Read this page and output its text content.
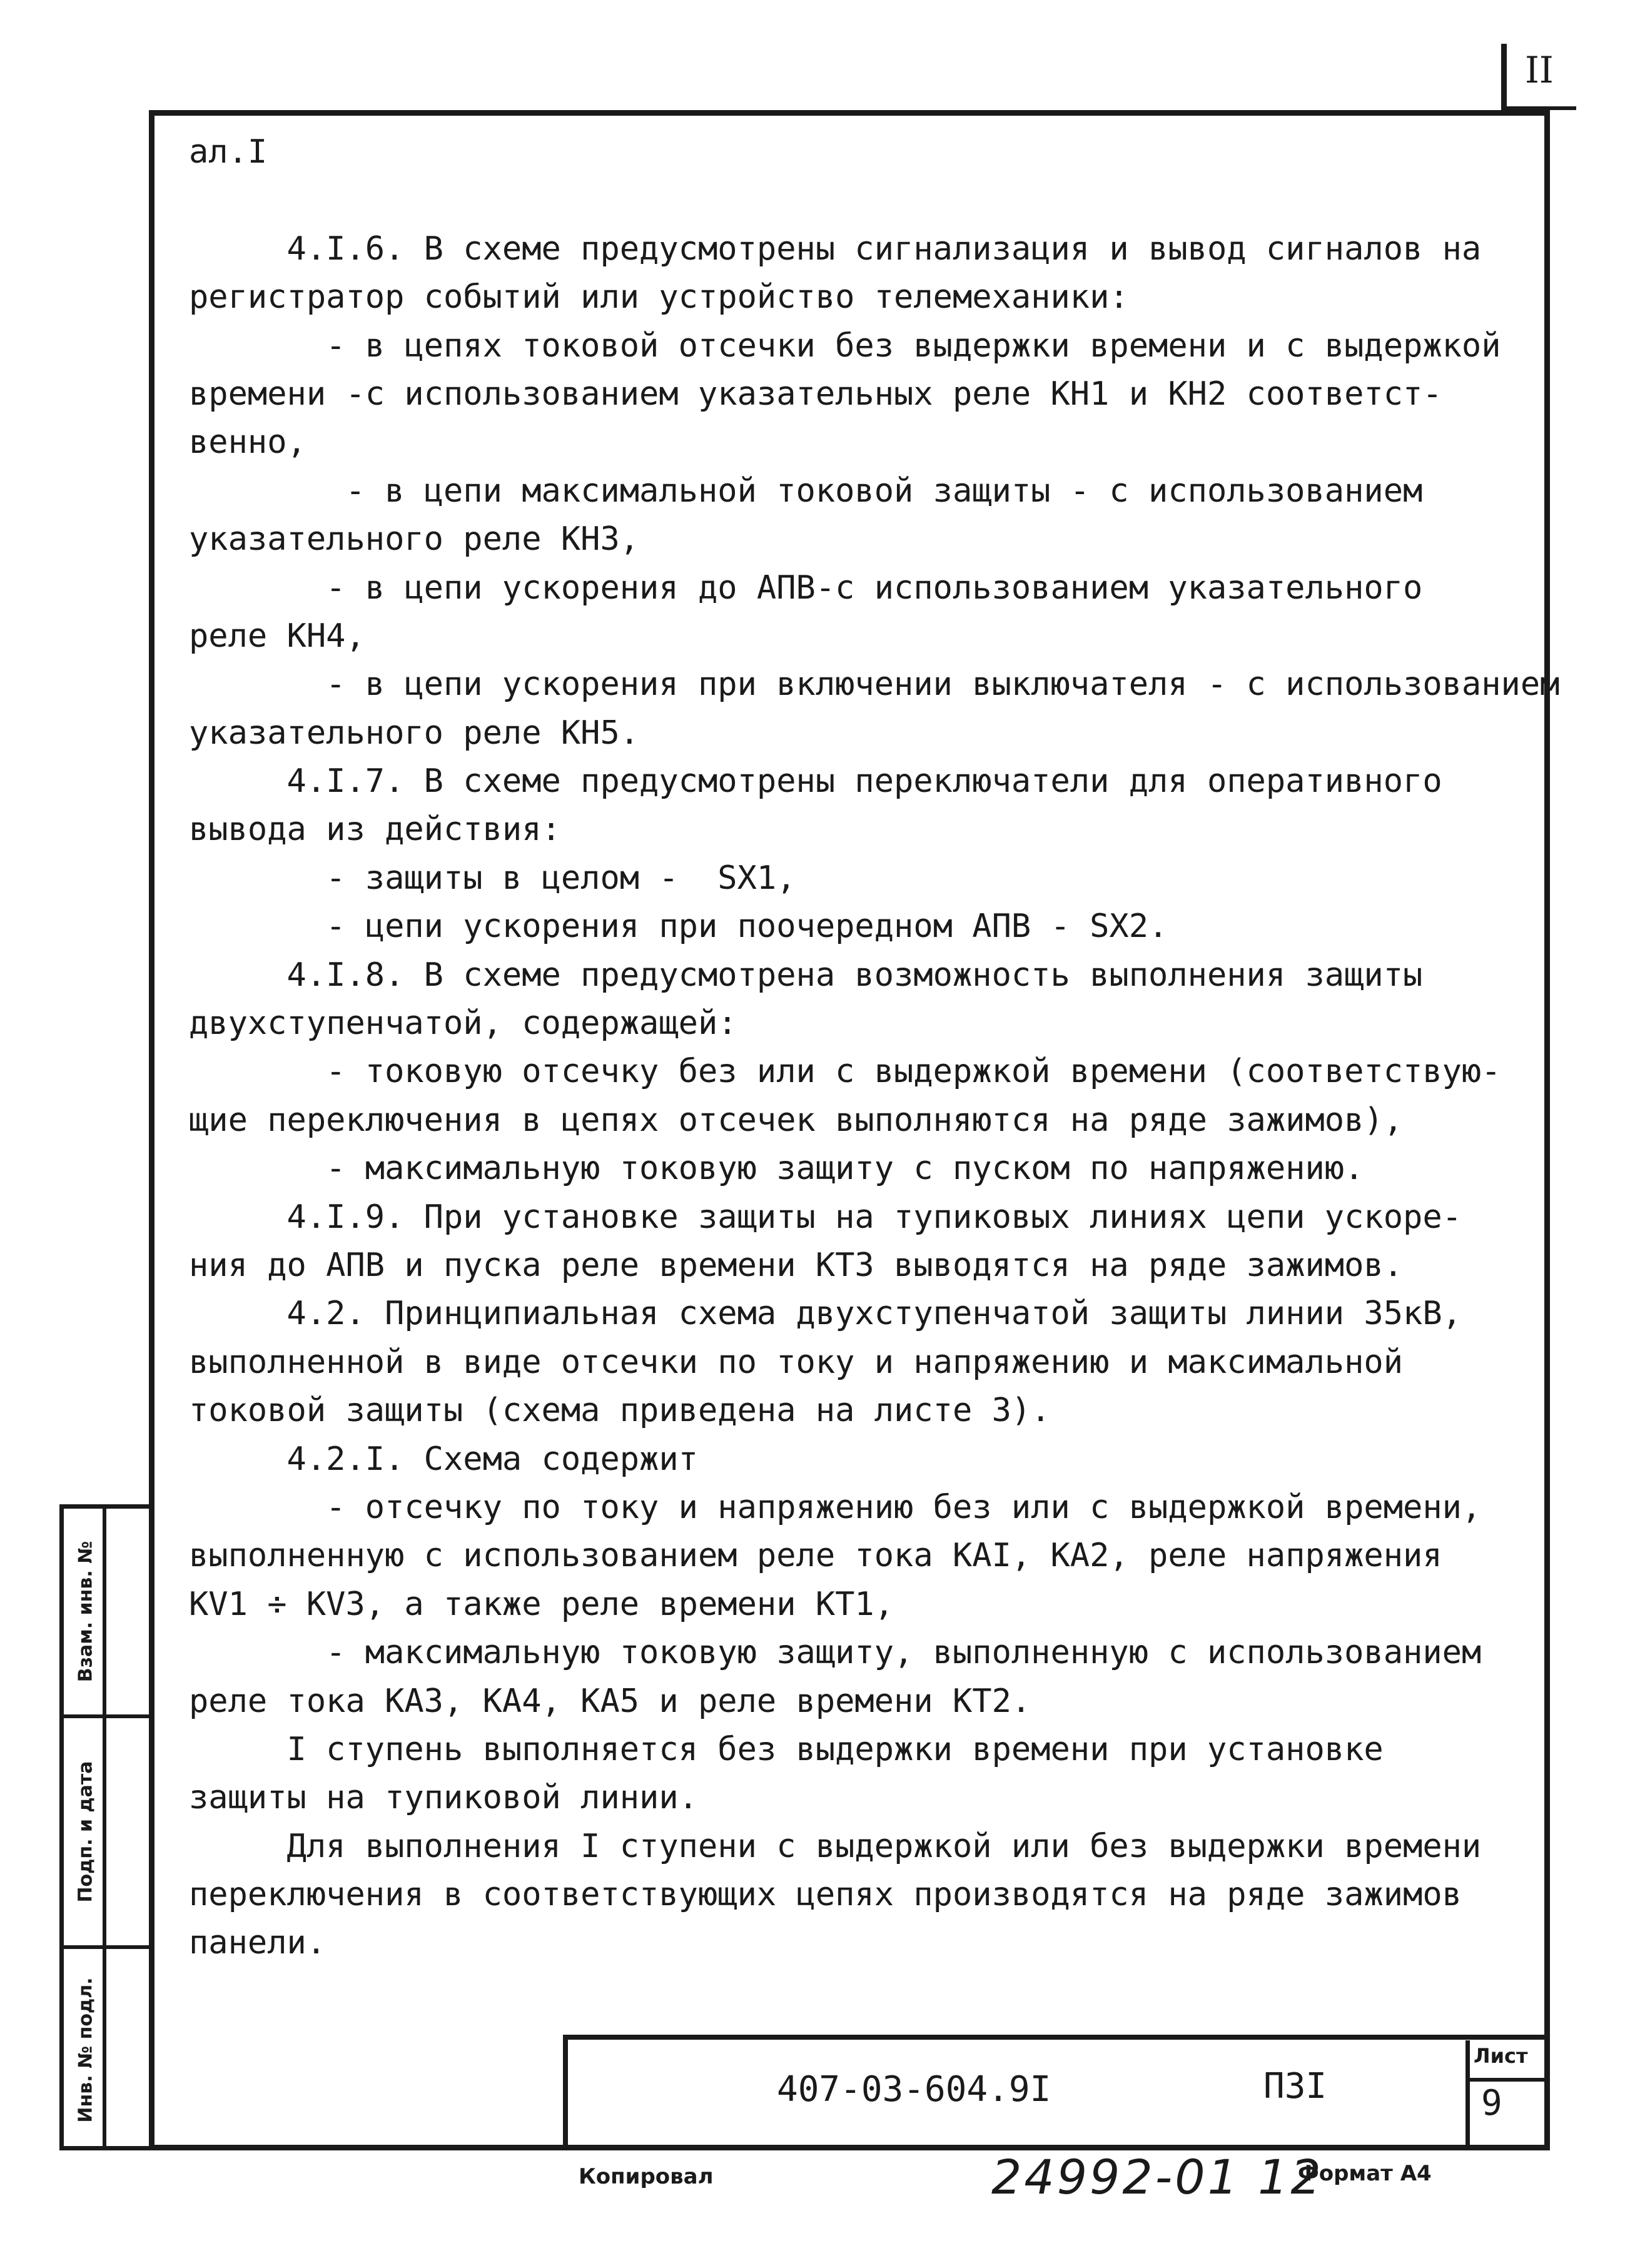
II
ал.I
4.I.6. В схеме предусмотрены сигнализация и вывод сигналов на
регистратор событий или устройство телемеханики:
- в цепях токовой отсечки без выдержки времени и с выдержкой
времени -с использованием указательных реле КН1 и КН2 соответст-
венно,
- в цепи максимальной токовой защиты - с использованием
указательного реле КН3,
- в цепи ускорения до АПВ-с использованием указательного
реле КН4,
- в цепи ускорения при включении выключателя - с использованием
указательного реле КН5.
4.I.7. В схеме предусмотрены переключатели для оперативного
вывода из действия:
- защиты в целом -  SX1,
- цепи ускорения при поочередном АПВ - SX2.
4.I.8. В схеме предусмотрена возможность выполнения защиты
двухступенчатой, содержащей:
- токовую отсечку без или с выдержкой времени (соответствую-
щие переключения в цепях отсечек выполняются на ряде зажимов),
- максимальную токовую защиту с пуском по напряжению.
4.I.9. При установке защиты на тупиковых линиях цепи ускоре-
ния до АПВ и пуска реле времени КТ3 выводятся на ряде зажимов.
4.2. Принципиальная схема двухступенчатой защиты линии 35кВ,
выполненной в виде отсечки по току и напряжению и максимальной
токовой защиты (схема приведена на листе 3).
4.2.I. Схема содержит
- отсечку по току и напряжению без или с выдержкой времени,
выполненную с использованием реле тока КАI, КА2, реле напряжения
КV1 ÷ КV3, а также реле времени КТ1,
- максимальную токовую защиту, выполненную с использованием
реле тока КА3, КА4, КА5 и реле времени КТ2.
I ступень выполняется без выдержки времени при установке
защиты на тупиковой линии.
Для выполнения I ступени с выдержкой или без выдержки времени
переключения в соответствующих цепях производятся на ряде зажимов
панели.
Взам. инв. №
Подп. и дата
Инв. № подл.	407-03-604.9I	П3I
Лист
9
Копировал	24992-01 12
Формат А4
